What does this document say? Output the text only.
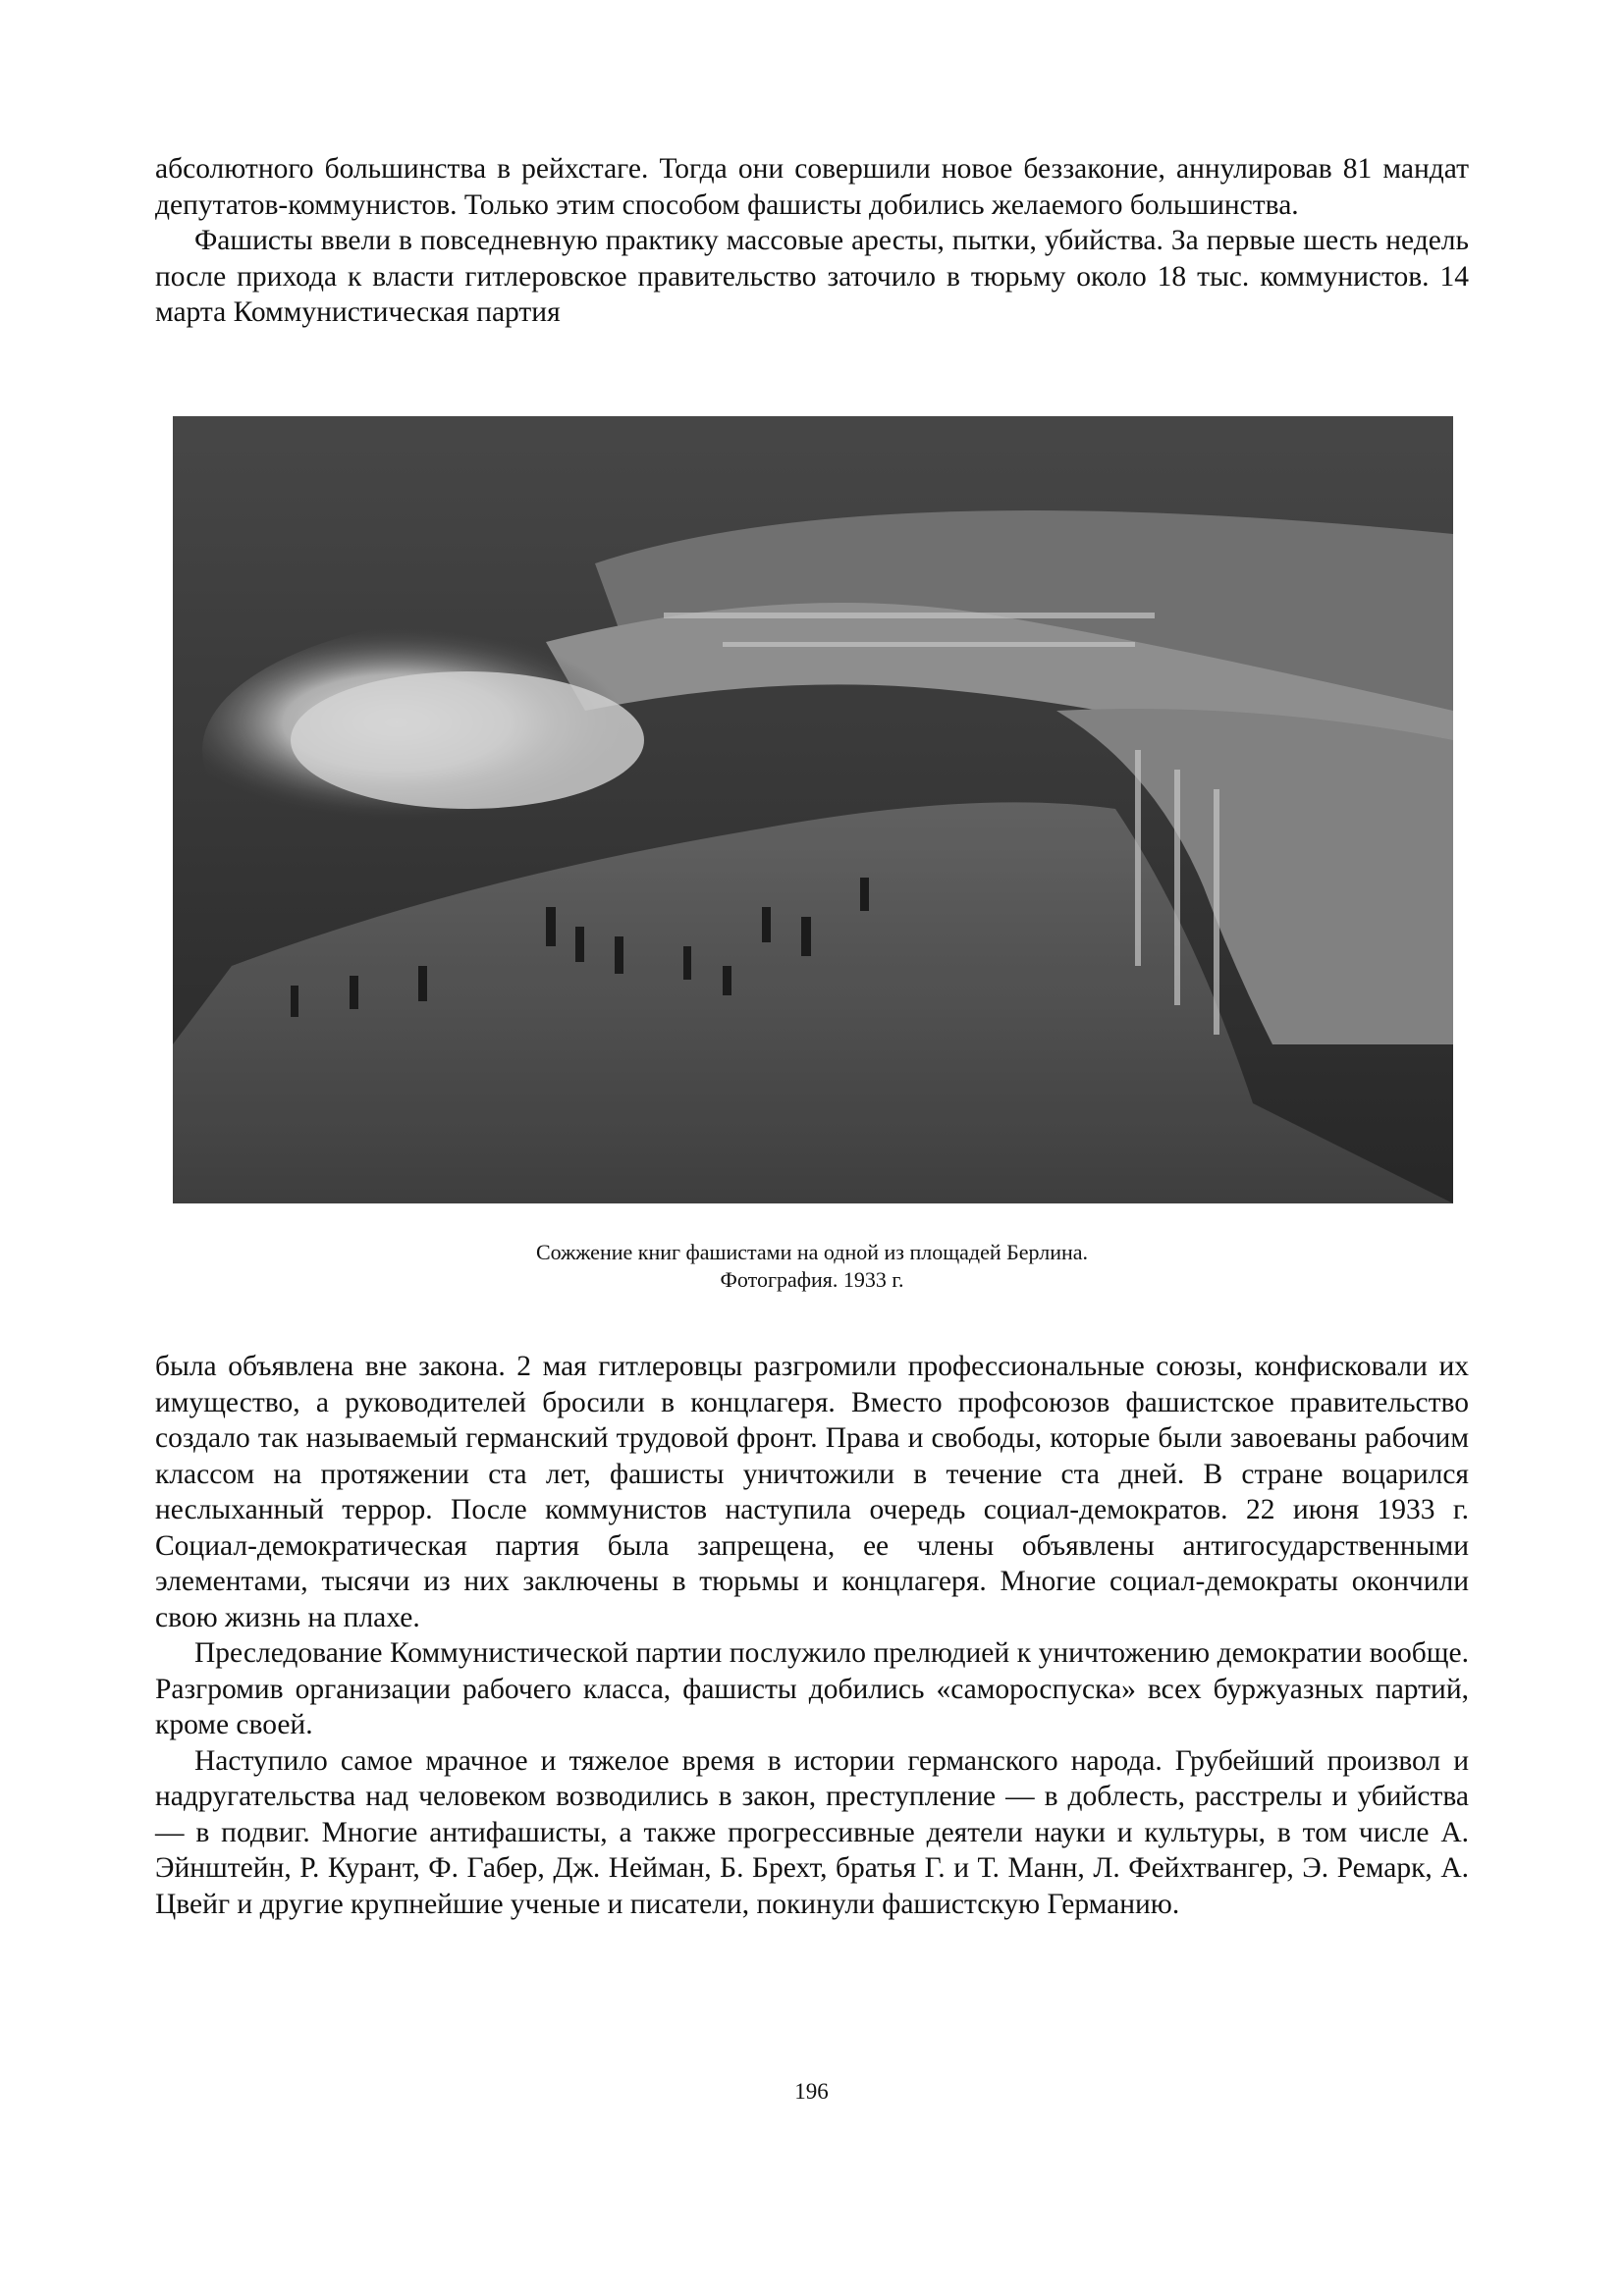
абсолютного большинства в рейхстаге. Тогда они совершили новое беззаконие, аннулировав 81 мандат депутатов-коммунистов. Только этим способом фашисты добились желаемого большинства.

Фашисты ввели в повседневную практику массовые аресты, пытки, убийства. За первые шесть недель после прихода к власти гитлеровское правительство заточило в тюрьму около 18 тыс. коммунистов. 14 марта Коммунистическая партия

Сожжение книг фашистами на одной из площадей Берлина.
Фотография. 1933 г.

была объявлена вне закона. 2 мая гитлеровцы разгромили профессиональные союзы, конфисковали их имущество, а руководителей бросили в концлагеря. Вместо профсоюзов фашистское правительство создало так называемый германский трудовой фронт. Права и свободы, которые были завоеваны рабочим классом на протяжении ста лет, фашисты уничтожили в течение ста дней. В стране воцарился неслыханный террор. После коммунистов наступила очередь социал-демократов. 22 июня 1933 г. Социал-демократическая партия была запрещена, ее члены объявлены антигосударственными элементами, тысячи из них заключены в тюрьмы и концлагеря. Многие социал-демократы окончили свою жизнь на плахе.

Преследование Коммунистической партии послужило прелюдией к уничтожению демократии вообще. Разгромив организации рабочего класса, фашисты добились «самороспуска» всех буржуазных партий, кроме своей.

Наступило самое мрачное и тяжелое время в истории германского народа. Грубейший произвол и надругательства над человеком возводились в закон, преступление — в доблесть, расстрелы и убийства — в подвиг. Многие антифашисты, а также прогрессивные деятели науки и культуры, в том числе А. Эйнштейн, Р. Курант, Ф. Габер, Дж. Нейман, Б. Брехт, братья Г. и Т. Манн, Л. Фейхтвангер, Э. Ремарк, А. Цвейг и другие крупнейшие ученые и писатели, покинули фашистскую Германию.

196
